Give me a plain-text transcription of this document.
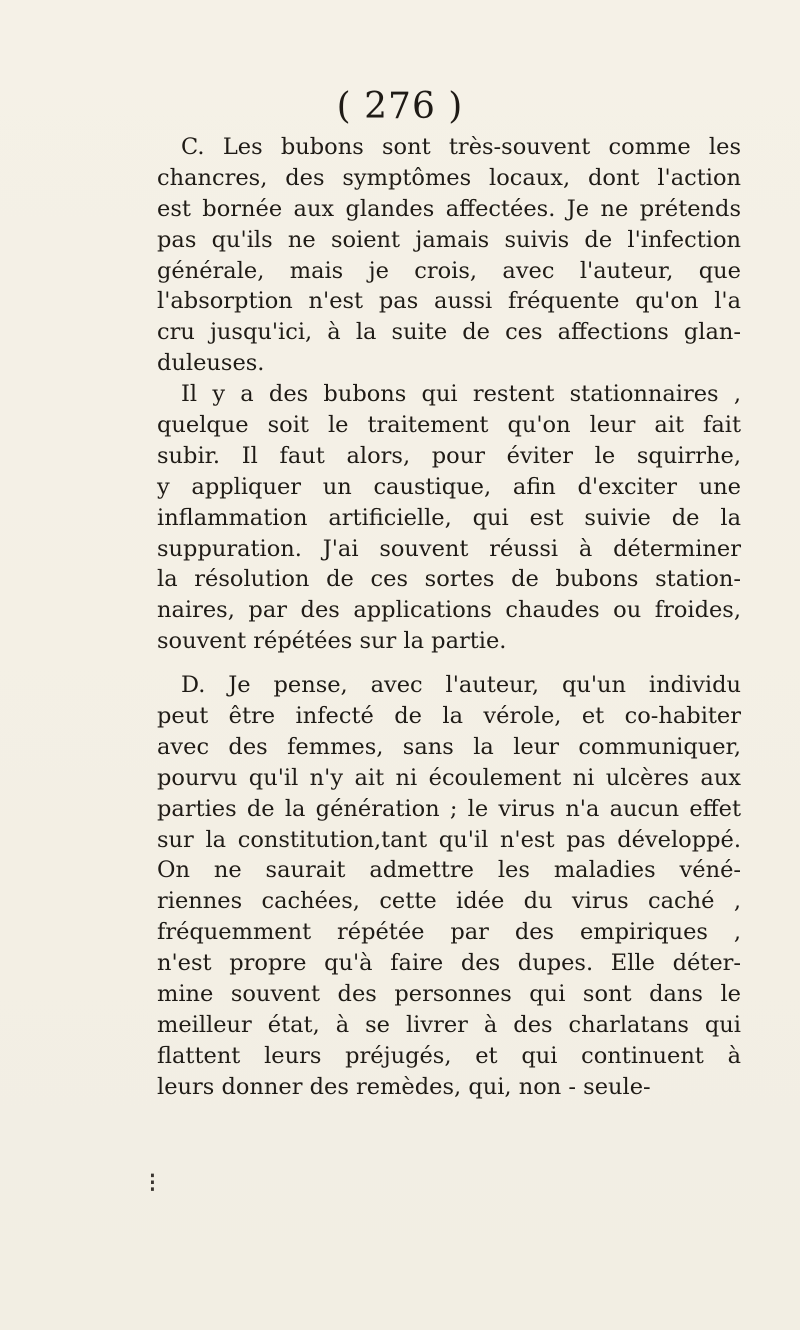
( 276 )
C. Les bubons sont très-souvent comme les
chancres, des symptômes locaux, dont l'action
est bornée aux glandes affectées. Je ne prétends
pas qu'ils ne soient jamais suivis de l'infection
générale, mais je crois, avec l'auteur, que
l'absorption n'est pas aussi fréquente qu'on l'a
cru jusqu'ici, à la suite de ces affections glan-
duleuses.
Il y a des bubons qui restent stationnaires ,
quelque soit le traitement qu'on leur ait fait
subir. Il faut alors, pour éviter le squirrhe,
y appliquer un caustique, afin d'exciter une
inflammation artificielle, qui est suivie de la
suppuration. J'ai souvent réussi à déterminer
la résolution de ces sortes de bubons station-
naires, par des applications chaudes ou froides,
souvent répétées sur la partie.
D. Je pense, avec l'auteur, qu'un individu
peut être infecté de la vérole, et co-habiter
avec des femmes, sans la leur communiquer,
pourvu qu'il n'y ait ni écoulement ni ulcères aux
parties de la génération ; le virus n'a aucun effet
sur la constitution,tant qu'il n'est pas développé.
On ne saurait admettre les maladies véné-
riennes cachées, cette idée du virus caché ,
fréquemment répétée par des empiriques ,
n'est propre qu'à faire des dupes. Elle déter-
mine souvent des personnes qui sont dans le
meilleur état, à se livrer à des charlatans qui
flattent leurs préjugés, et qui continuent à
leurs donner des remèdes, qui, non - seule-
⁝
